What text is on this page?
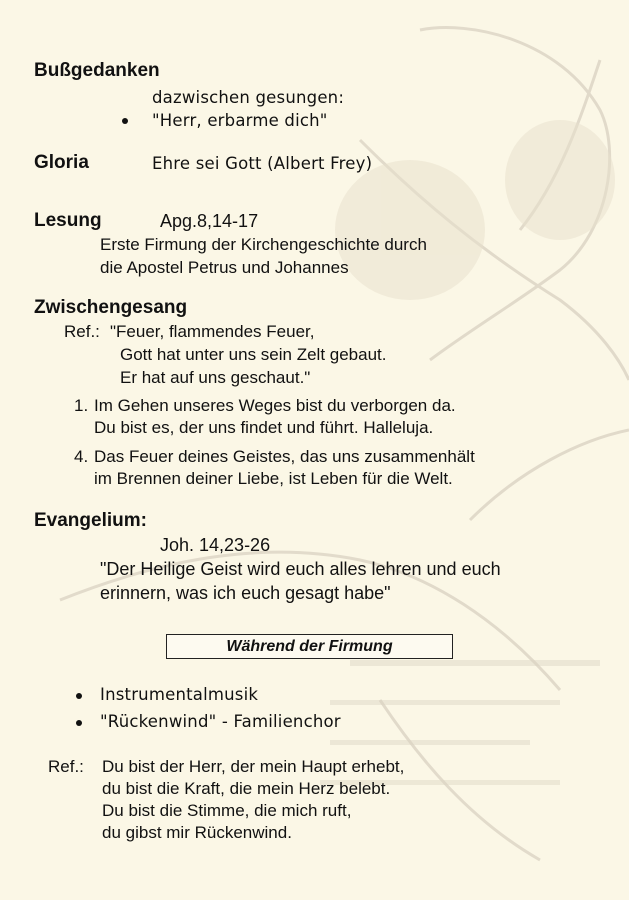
Bußgedanken
dazwischen gesungen:
"Herr, erbarme dich"
Gloria	Ehre sei Gott (Albert Frey)
Lesung	Apg.8,14-17
Erste Firmung der Kirchengeschichte durch
die Apostel Petrus und Johannes
Zwischengesang
Ref.: "Feuer, flammendes Feuer,
Gott hat unter uns sein Zelt gebaut.
Er hat auf uns geschaut."
1. Im Gehen unseres Weges bist du verborgen da.
Du bist es, der uns findet und führt. Halleluja.
4. Das Feuer deines Geistes, das uns zusammenhält
im Brennen deiner Liebe, ist Leben für die Welt.
Evangelium:
Joh. 14,23-26
"Der Heilige Geist wird euch alles lehren und euch
erinnern, was ich euch gesagt habe"
Während der Firmung
Instrumentalmusik
"Rückenwind" - Familienchor
Ref.: Du bist der Herr, der mein Haupt erhebt,
du bist die Kraft, die mein Herz belebt.
Du bist die Stimme, die mich ruft,
du gibst mir Rückenwind.
